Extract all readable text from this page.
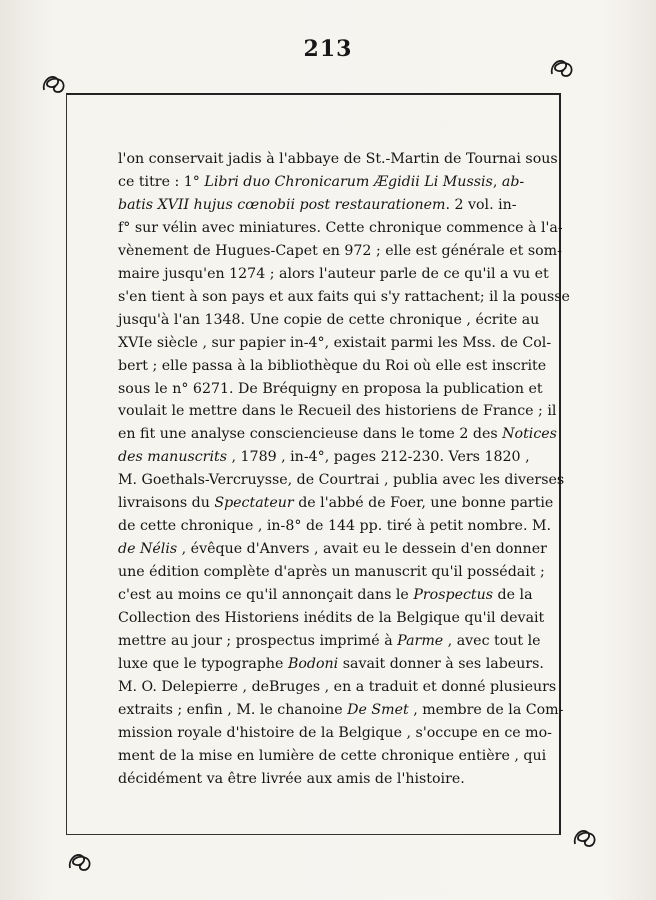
213
l'on conservait jadis à l'abbaye de St.-Martin de Tournai sous
ce titre : 1° Libri duo Chronicarum Ægidii Li Mussis, ab-
batis XVII hujus cœnobii post restaurationem. 2 vol. in-
f° sur vélin avec miniatures. Cette chronique commence à l'a-
vènement de Hugues-Capet en 972 ; elle est générale et som-
maire jusqu'en 1274 ; alors l'auteur parle de ce qu'il a vu et
s'en tient à son pays et aux faits qui s'y rattachent; il la pousse
jusqu'à l'an 1348. Une copie de cette chronique , écrite au
XVIe siècle , sur papier in-4°, existait parmi les Mss. de Col-
bert ; elle passa à la bibliothèque du Roi où elle est inscrite
sous le n° 6271. De Bréquigny en proposa la publication et
voulait le mettre dans le Recueil des historiens de France ; il
en fit une analyse consciencieuse dans le tome 2 des Notices
des manuscrits , 1789 , in-4°, pages 212-230. Vers 1820 ,
M. Goethals-Vercruysse, de Courtrai , publia avec les diverses
livraisons du Spectateur de l'abbé de Foer, une bonne partie
de cette chronique , in-8° de 144 pp. tiré à petit nombre. M.
de Nélis , évêque d'Anvers , avait eu le dessein d'en donner
une édition complète d'après un manuscrit qu'il possédait ;
c'est au moins ce qu'il annonçait dans le Prospectus de la
Collection des Historiens inédits de la Belgique qu'il devait
mettre au jour ; prospectus imprimé à Parme , avec tout le
luxe que le typographe Bodoni savait donner à ses labeurs.
M. O. Delepierre , deBruges , en a traduit et donné plusieurs
extraits ; enfin , M. le chanoine De Smet , membre de la Com-
mission royale d'histoire de la Belgique , s'occupe en ce mo-
ment de la mise en lumière de cette chronique entière , qui
décidément va être livrée aux amis de l'histoire.
